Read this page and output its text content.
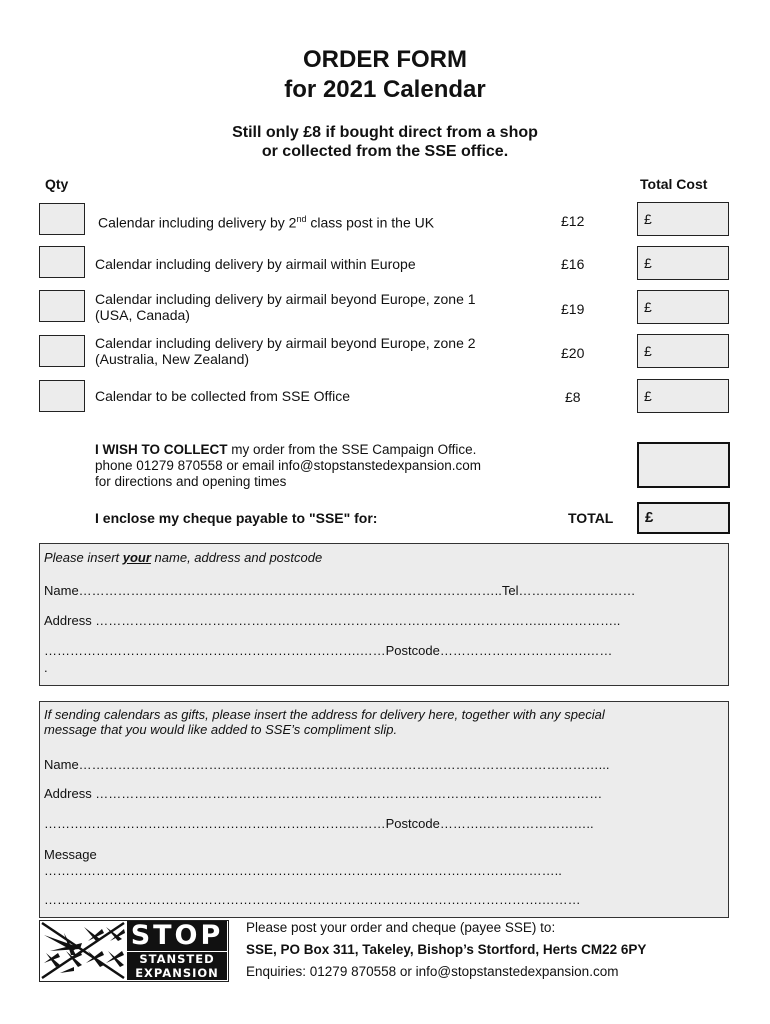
ORDER FORM
for 2021 Calendar
Still only £8 if bought direct from a shop
or collected from the SSE office.
Qty	Total Cost
Calendar including delivery by 2nd class post in the UK	£12	£
Calendar including delivery by airmail within Europe	£16	£
Calendar including delivery by airmail beyond Europe, zone 1
(USA, Canada)	£19	£
Calendar including delivery by airmail beyond Europe, zone 2
(Australia, New Zealand)	£20	£
Calendar to be collected from SSE Office	£8	£
I WISH TO COLLECT my order from the SSE Campaign Office.
phone 01279 870558 or email info@stopstanstedexpansion.com
for directions and opening times
I enclose my cheque payable to "SSE" for:	TOTAL	£
Please insert your name, address and postcode
Name……………………………………………………………………………………..Tel………………………
Address …………………………………………………………………………………………...……………..
……………………………………………………………….……Postcode…………………………….……
.
If sending calendars as gifts, please insert the address for delivery here, together with any special
message that you would like added to SSE’s compliment slip.
Name…………………………………………………………………………………………………………...
Address ………………………………………………………………………………………………………
…………………………………………………………….………Postcode……….……………………..
Message
……………………………………………………………………………………………….………..
…………………………………………………………………………………………………….………
STOP
STANSTED
EXPANSION
Please post your order and cheque (payee SSE) to:
SSE, PO Box 311, Takeley, Bishop’s Stortford, Herts CM22 6PY
Enquiries: 01279 870558 or info@stopstanstedexpansion.com
